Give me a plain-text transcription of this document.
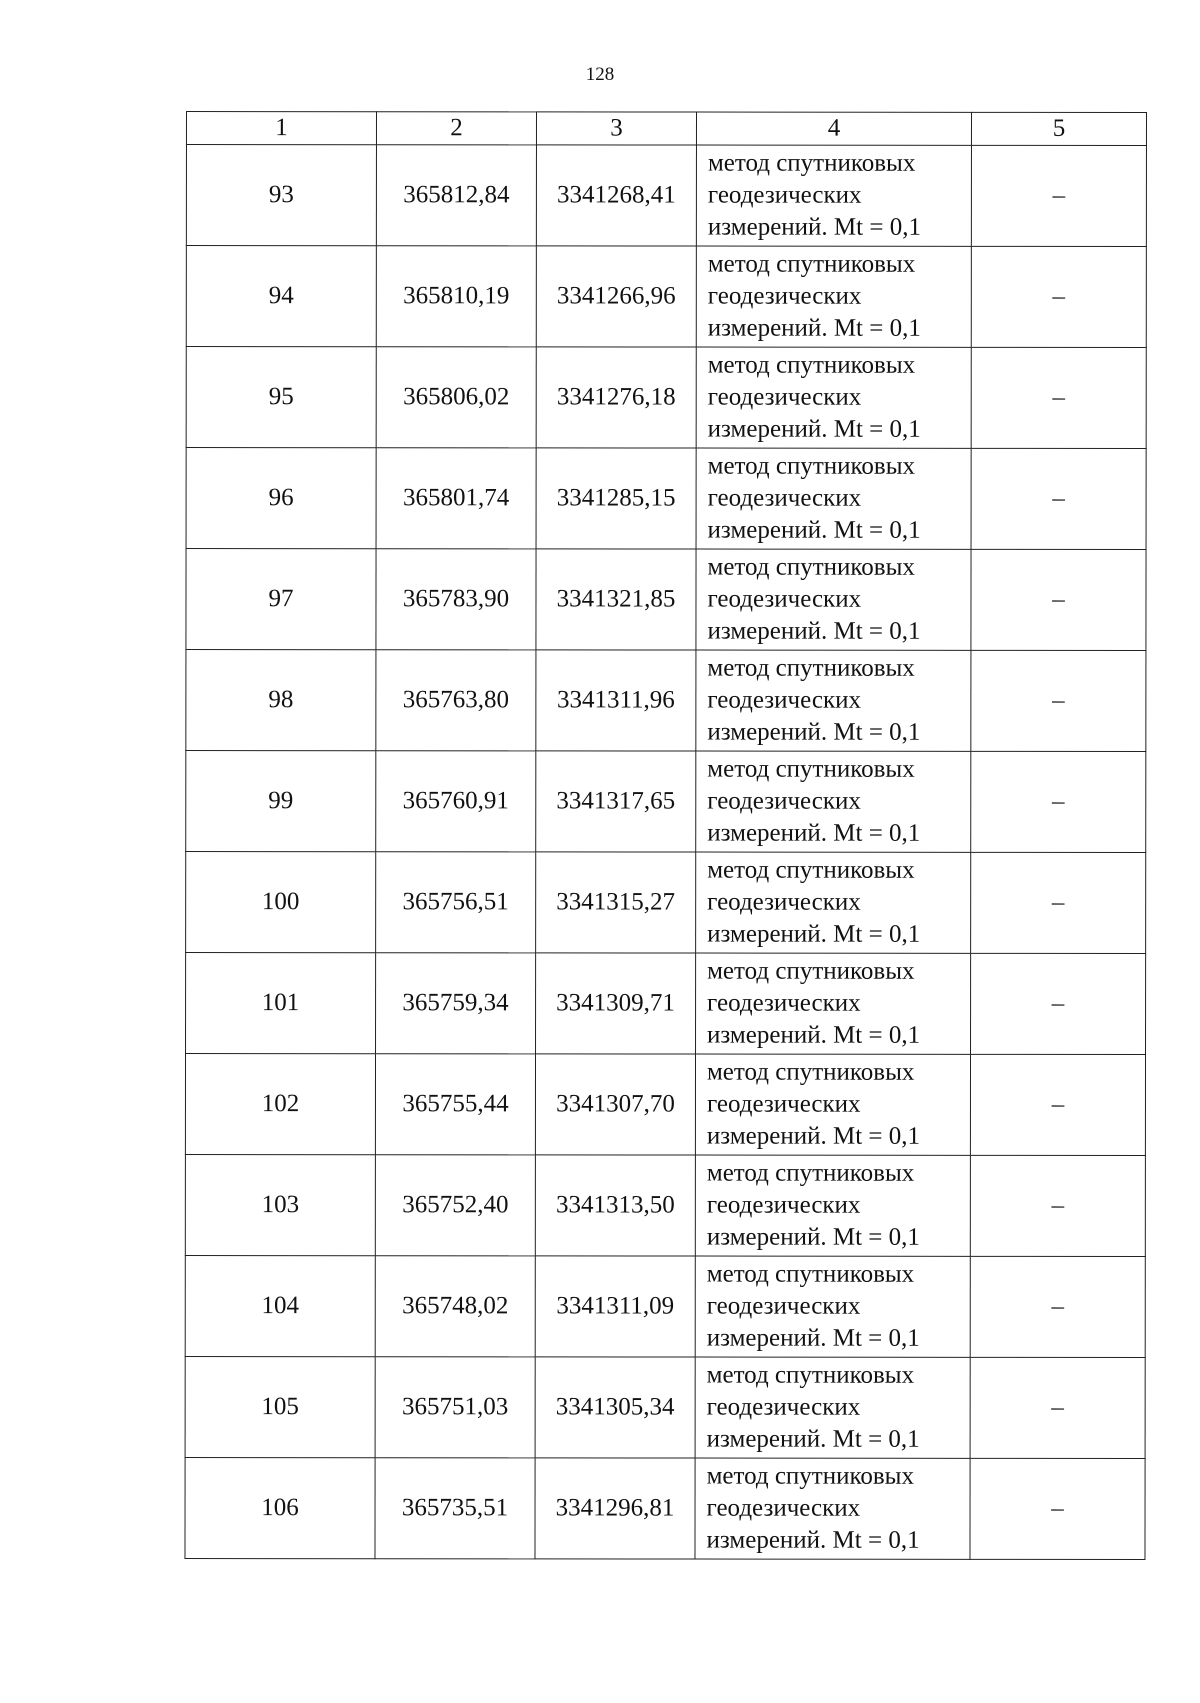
128
1	2	3	4	5
93	365812,84	3341268,41	метод спутниковых
геодезических
измерений. Mt = 0,1	–
94	365810,19	3341266,96	метод спутниковых
геодезических
измерений. Mt = 0,1	–
95	365806,02	3341276,18	метод спутниковых
геодезических
измерений. Mt = 0,1	–
96	365801,74	3341285,15	метод спутниковых
геодезических
измерений. Mt = 0,1	–
97	365783,90	3341321,85	метод спутниковых
геодезических
измерений. Mt = 0,1	–
98	365763,80	3341311,96	метод спутниковых
геодезических
измерений. Mt = 0,1	–
99	365760,91	3341317,65	метод спутниковых
геодезических
измерений. Mt = 0,1	–
100	365756,51	3341315,27	метод спутниковых
геодезических
измерений. Mt = 0,1	–
101	365759,34	3341309,71	метод спутниковых
геодезических
измерений. Mt = 0,1	–
102	365755,44	3341307,70	метод спутниковых
геодезических
измерений. Mt = 0,1	–
103	365752,40	3341313,50	метод спутниковых
геодезических
измерений. Mt = 0,1	–
104	365748,02	3341311,09	метод спутниковых
геодезических
измерений. Mt = 0,1	–
105	365751,03	3341305,34	метод спутниковых
геодезических
измерений. Mt = 0,1	–
106	365735,51	3341296,81	метод спутниковых
геодезических
измерений. Mt = 0,1	–
